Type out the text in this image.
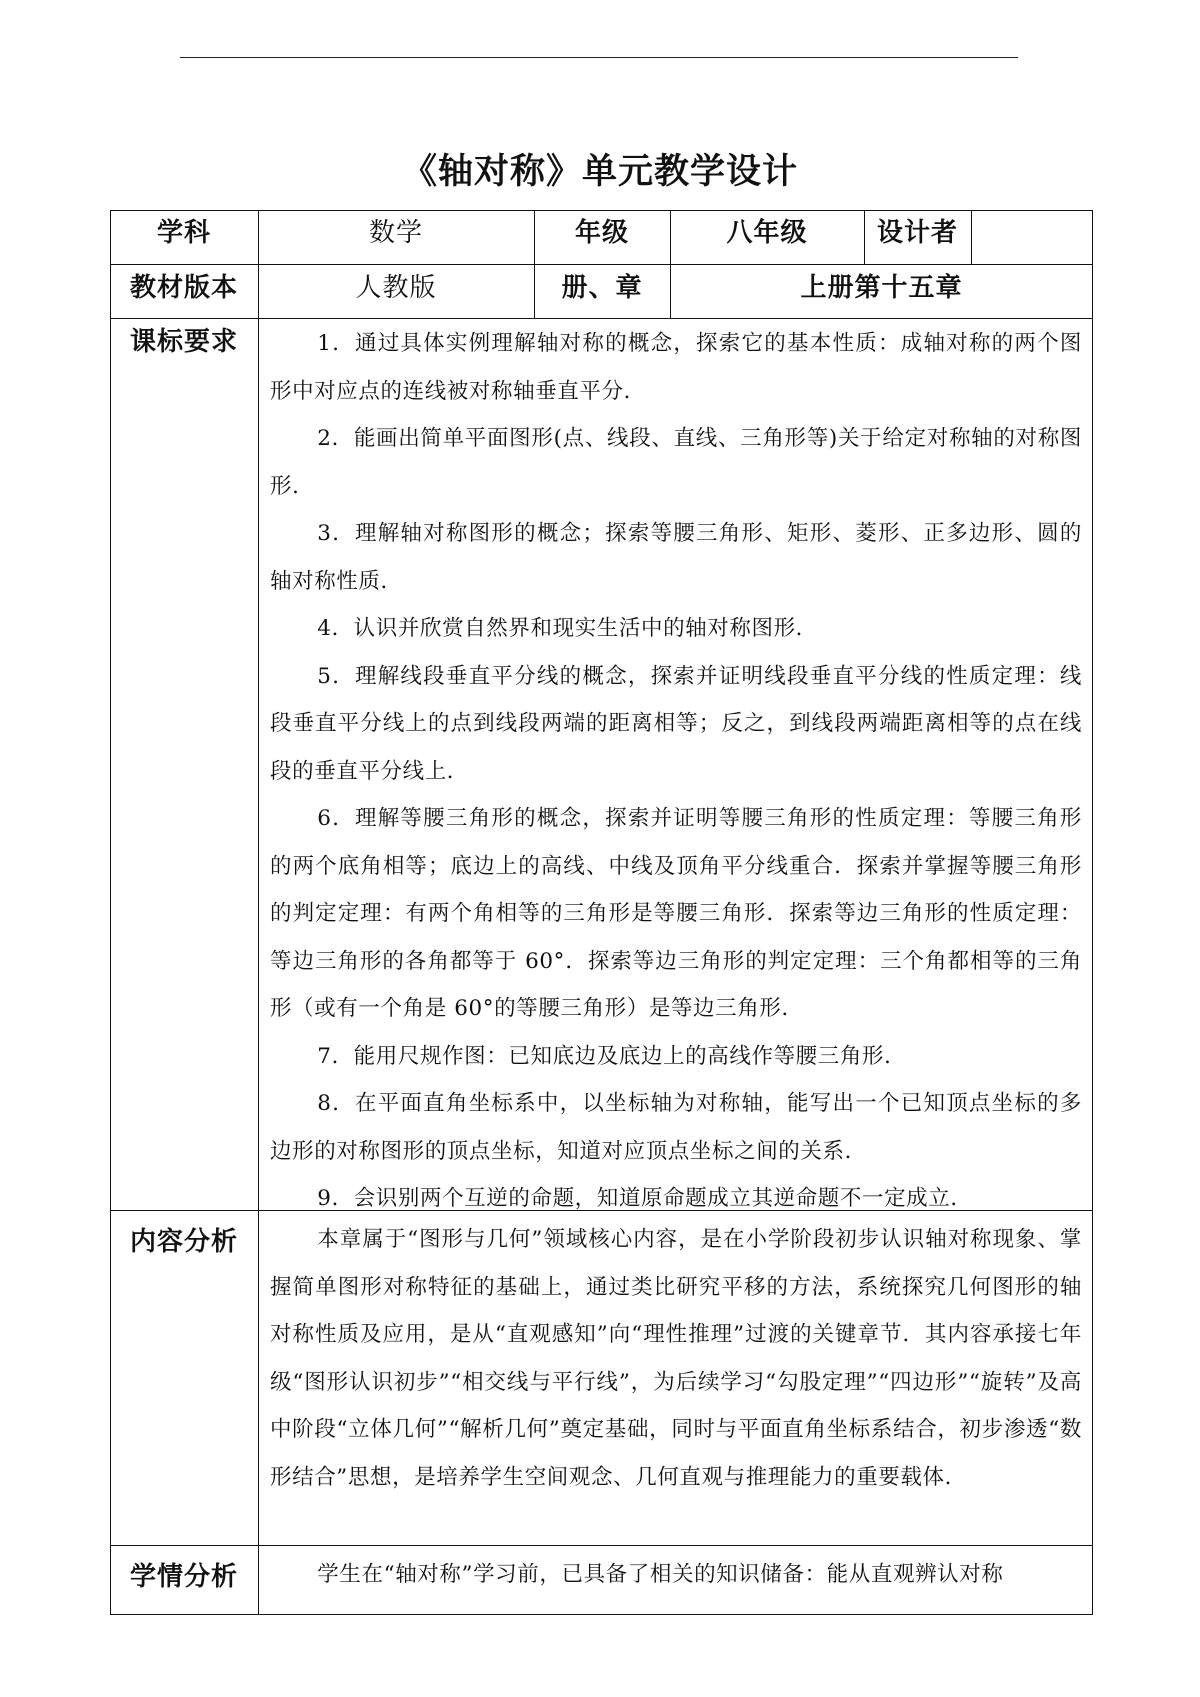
《轴对称》单元教学设计
学科	数学	年级	八年级	设计者
教材版本	人教版	册、章	上册第十五章
课标要求	1．通过具体实例理解轴对称的概念，探索它的基本性质：成轴对称的两个图形中对应点的连线被对称轴垂直平分．

2．能画出简单平面图形(点、线段、直线、三角形等)关于给定对称轴的对称图形．

3．理解轴对称图形的概念；探索等腰三角形、矩形、菱形、正多边形、圆的轴对称性质．

4．认识并欣赏自然界和现实生活中的轴对称图形．

5．理解线段垂直平分线的概念，探索并证明线段垂直平分线的性质定理：线段垂直平分线上的点到线段两端的距离相等；反之，到线段两端距离相等的点在线段的垂直平分线上．

6．理解等腰三角形的概念，探索并证明等腰三角形的性质定理：等腰三角形的两个底角相等；底边上的高线、中线及顶角平分线重合．探索并掌握等腰三角形的判定定理：有两个角相等的三角形是等腰三角形．探索等边三角形的性质定理：等边三角形的各角都等于 60°．探索等边三角形的判定定理：三个角都相等的三角形（或有一个角是 60°的等腰三角形）是等边三角形．

7．能用尺规作图：已知底边及底边上的高线作等腰三角形．

8．在平面直角坐标系中，以坐标轴为对称轴，能写出一个已知顶点坐标的多边形的对称图形的顶点坐标，知道对应顶点坐标之间的关系．

9．会识别两个互逆的命题，知道原命题成立其逆命题不一定成立．

内容分析	本章属于“图形与几何”领域核心内容，是在小学阶段初步认识轴对称现象、掌握简单图形对称特征的基础上，通过类比研究平移的方法，系统探究几何图形的轴对称性质及应用，是从“直观感知”向“理性推理”过渡的关键章节．其内容承接七年级“图形认识初步”“相交线与平行线”，为后续学习“勾股定理”“四边形”“旋转”及高中阶段“立体几何”“解析几何”奠定基础，同时与平面直角坐标系结合，初步渗透“数形结合”思想，是培养学生空间观念、几何直观与推理能力的重要载体．

学情分析	学生在“轴对称”学习前，已具备了相关的知识储备：能从直观辨认对称
